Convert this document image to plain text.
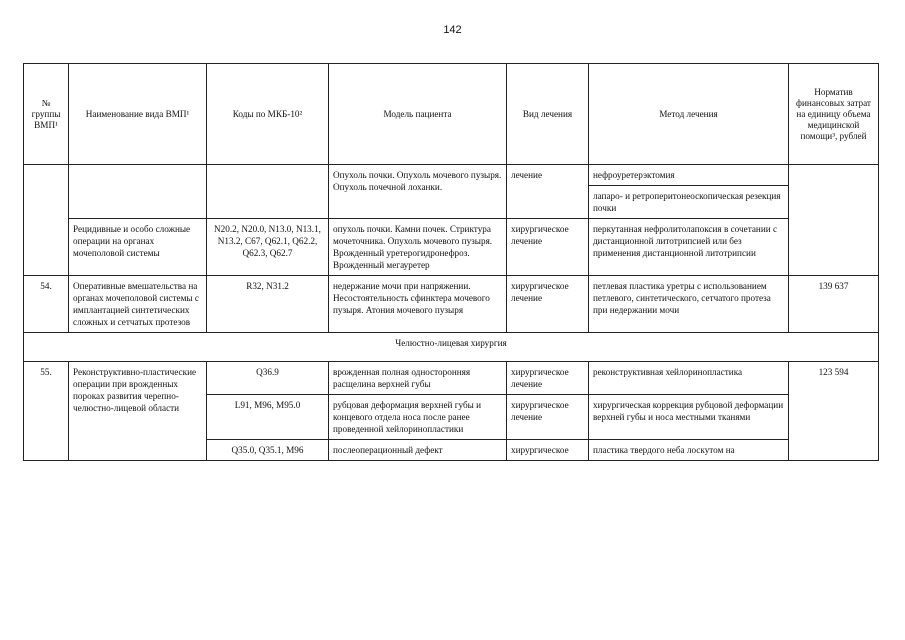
142
№ группы ВМП¹	Наименование вида ВМП¹	Коды по МКБ-10²	Модель пациента	Вид лечения	Метод лечения	Норматив финансовых затрат на единицу объема медицинской помощи³, рублей
			Опухоль почки. Опухоль мочевого пузыря. Опухоль почечной лоханки.	лечение	нефроуретерэктомия	
					лапаро- и ретроперитонеоскопическая резекция почки	
	Рецидивные и особо сложные операции на органах мочеполовой системы	N20.2, N20.0, N13.0, N13.1, N13.2, C67, Q62.1, Q62.2, Q62.3, Q62.7	опухоль почки. Камни почек. Стриктура мочеточника. Опухоль мочевого пузыря. Врожденный уретерогидронефроз. Врожденный мегауретер	хирургическое лечение	перкутанная нефролитолапоксия в сочетании с дистанционной литотрипсией или без применения дистанционной литотрипсии	
54.	Оперативные вмешательства на органах мочеполовой системы с имплантацией синтетических сложных и сетчатых протезов	R32, N31.2	недержание мочи при напряжении. Несостоятельность сфинктера мочевого пузыря. Атония мочевого пузыря	хирургическое лечение	петлевая пластика уретры с использованием петлевого, синтетического, сетчатого протеза при недержании мочи	139 637
Челюстно-лицевая хирургия						
55.	Реконструктивно-пластические операции при врожденных пороках развития черепно-челюстно-лицевой области	Q36.9	врожденная полная односторонняя расщелина верхней губы	хирургическое лечение	реконструктивная хейлоринопластика	123 594
		L91, M96, M95.0	рубцовая деформация верхней губы и концевого отдела носа после ранее проведенной хейлоринопластики	хирургическое лечение	хирургическая коррекция рубцовой деформации верхней губы и носа местными тканями	
		Q35.0, Q35.1, M96	послеоперационный дефект	хирургическое	пластика твердого неба лоскутом на	
